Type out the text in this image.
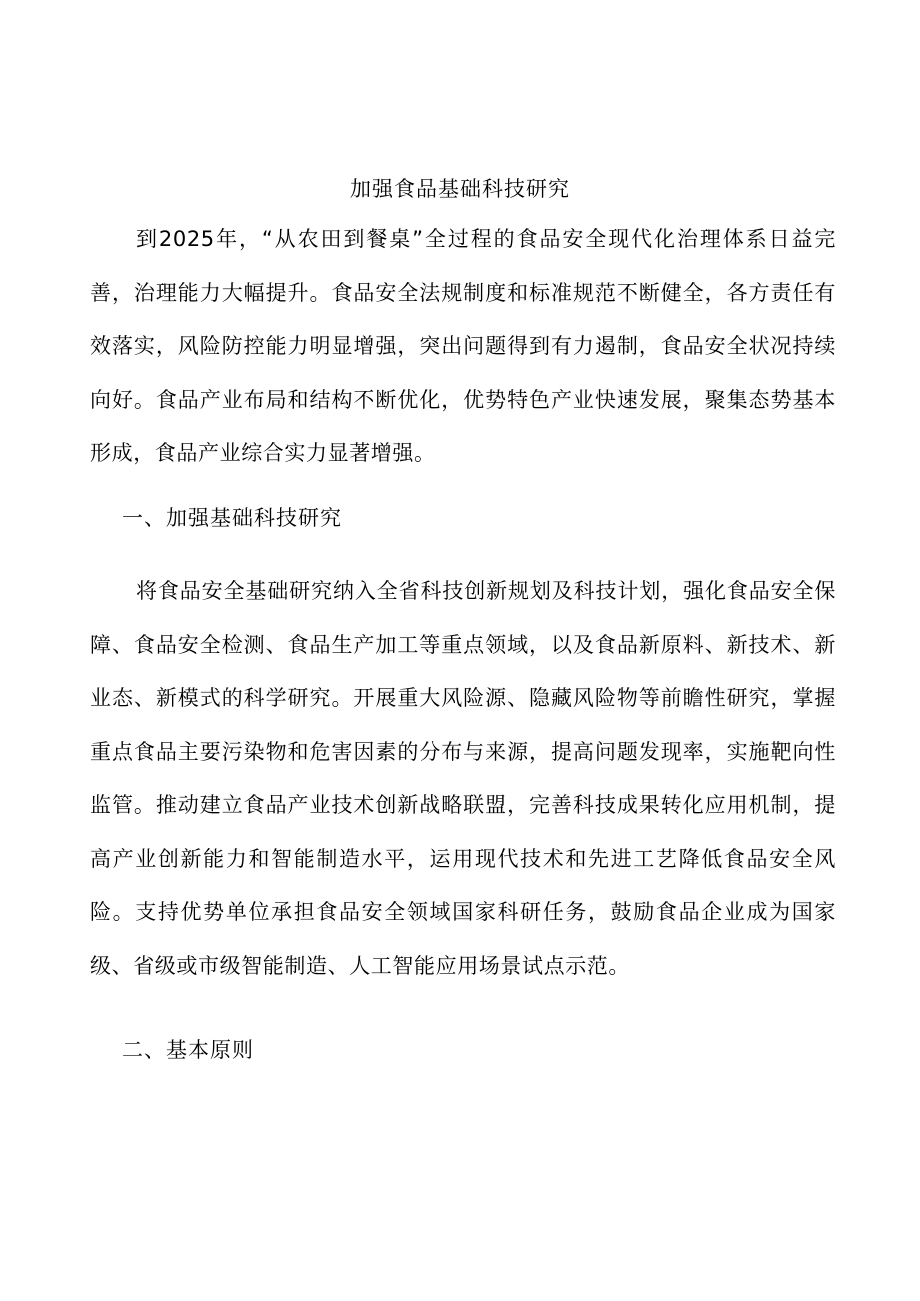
加强食品基础科技研究

到2025年，“从农田到餐桌”全过程的食品安全现代化治理体系日益完善，治理能力大幅提升。食品安全法规制度和标准规范不断健全，各方责任有效落实，风险防控能力明显增强，突出问题得到有力遏制，食品安全状况持续向好。食品产业布局和结构不断优化，优势特色产业快速发展，聚集态势基本形成，食品产业综合实力显著增强。

一、加强基础科技研究

将食品安全基础研究纳入全省科技创新规划及科技计划，强化食品安全保障、食品安全检测、食品生产加工等重点领域，以及食品新原料、新技术、新业态、新模式的科学研究。开展重大风险源、隐藏风险物等前瞻性研究，掌握重点食品主要污染物和危害因素的分布与来源，提高问题发现率，实施靶向性监管。推动建立食品产业技术创新战略联盟，完善科技成果转化应用机制，提高产业创新能力和智能制造水平，运用现代技术和先进工艺降低食品安全风险。支持优势单位承担食品安全领域国家科研任务，鼓励食品企业成为国家级、省级或市级智能制造、人工智能应用场景试点示范。

二、基本原则
